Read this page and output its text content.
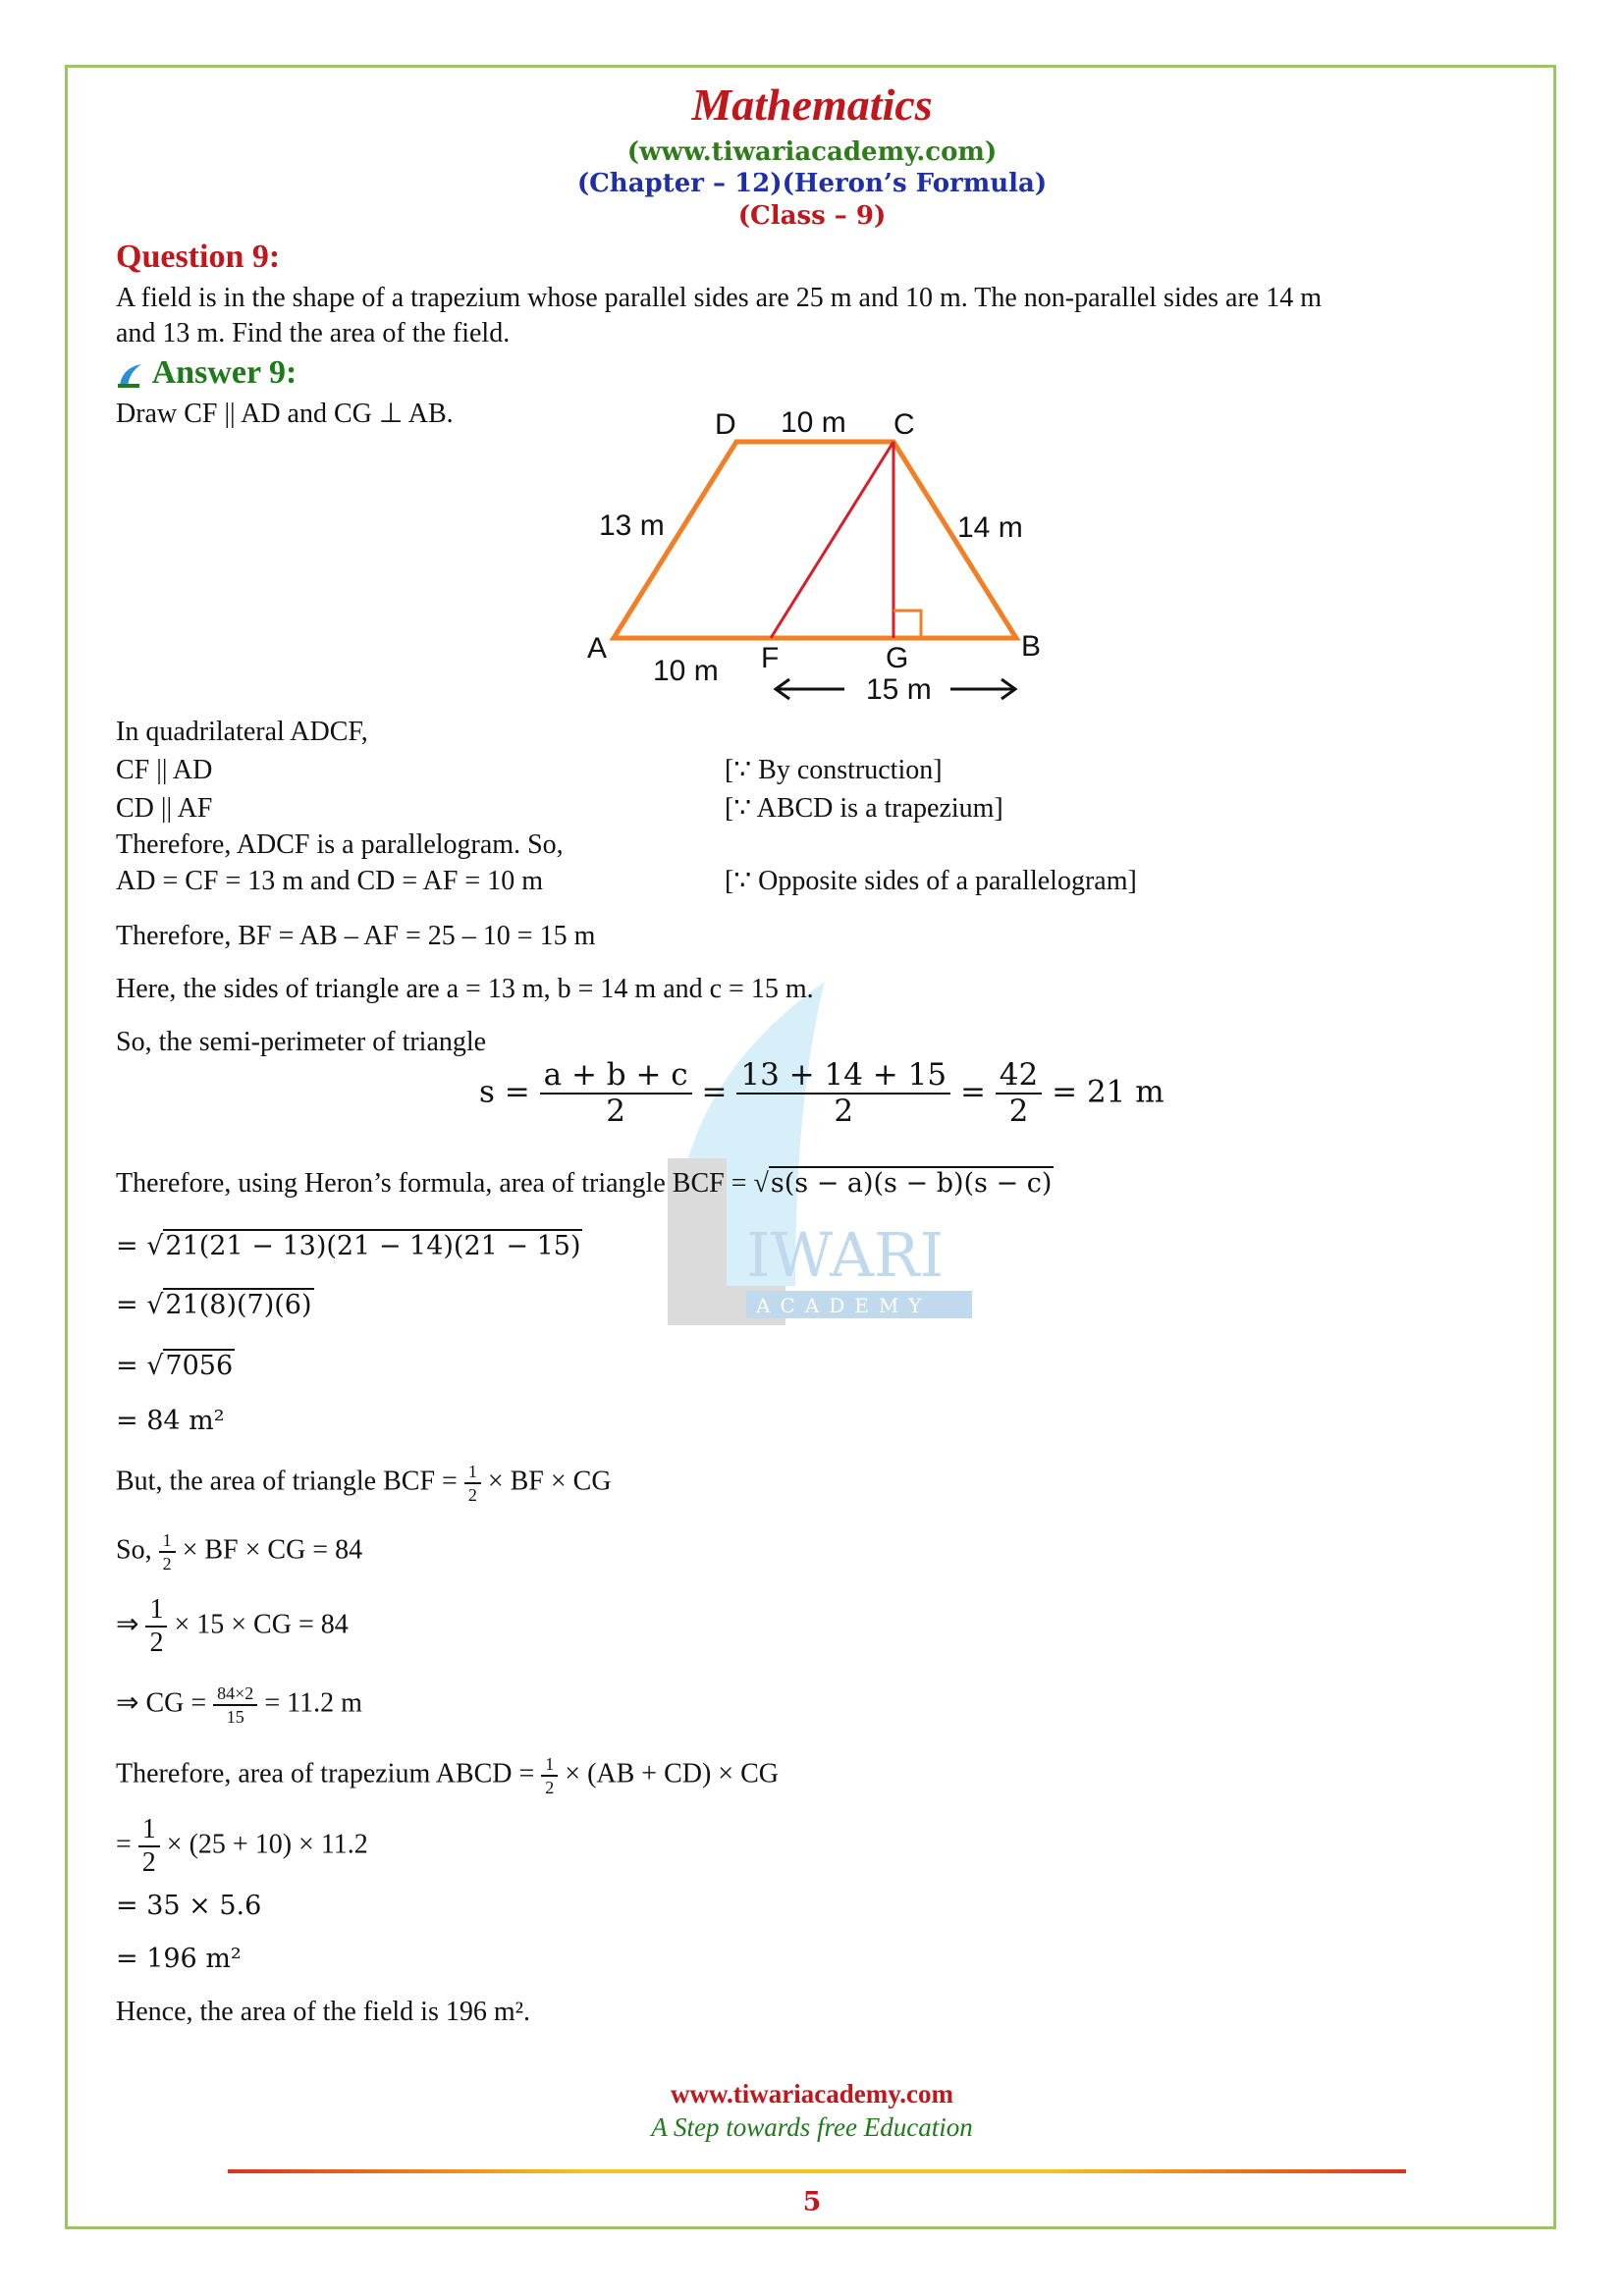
Mathematics
(www.tiwariacademy.com)
(Chapter – 12)(Heron’s Formula)
(Class – 9)
Question 9:
A field is in the shape of a trapezium whose parallel sides are 25 m and 10 m. The non-parallel sides are 14 m
and 13 m. Find the area of the field.
Answer 9:
Draw CF || AD and CG ⊥ AB.	D 10 m C
13 m	14 m
A
10 m F	G	B
15 m
IWARI
ACADEMY
In quadrilateral ADCF,
CF || AD	[∵ By construction]
CD || AF	[∵ ABCD is a trapezium]
Therefore, ADCF is a parallelogram. So,
AD = CF = 13 m and CD = AF = 10 m	[∵ Opposite sides of a parallelogram]
Therefore, BF = AB – AF = 25 – 10 = 15 m
Here, the sides of triangle are a = 13 m, b = 14 m and c = 15 m.
So, the semi-perimeter of triangle
$s = \frac{a + b + c}{2} = \frac{13 + 14 + 15}{2} = \frac{42}{2} = 21$ m
Therefore, using Heron’s formula, area of triangle BCF = √s(s − a)(s − b)(s − c)
= √21(21 − 13)(21 − 14)(21 − 15)
= √21(8)(7)(6)
= √7056
= 84 m²
But, the area of triangle BCF = $\frac{1}{2}$ × BF × CG
So, $\frac{1}{2}$ × BF × CG = 84
⇒ $\frac{1}{2} \times 15$ × CG = 84
⇒ CG = $\frac{84\times 2}{15} = 11.2$ m
Therefore, area of trapezium ABCD = $\frac{1}{2} \times (AB + CD)$ × CG
= $\frac{1}{2} \times (25 + 10) \times 11.2$
= 35 × 5.6
= 196 m²
Hence, the area of the field is 196 m².
www.tiwariacademy.com
A Step towards free Education
5
